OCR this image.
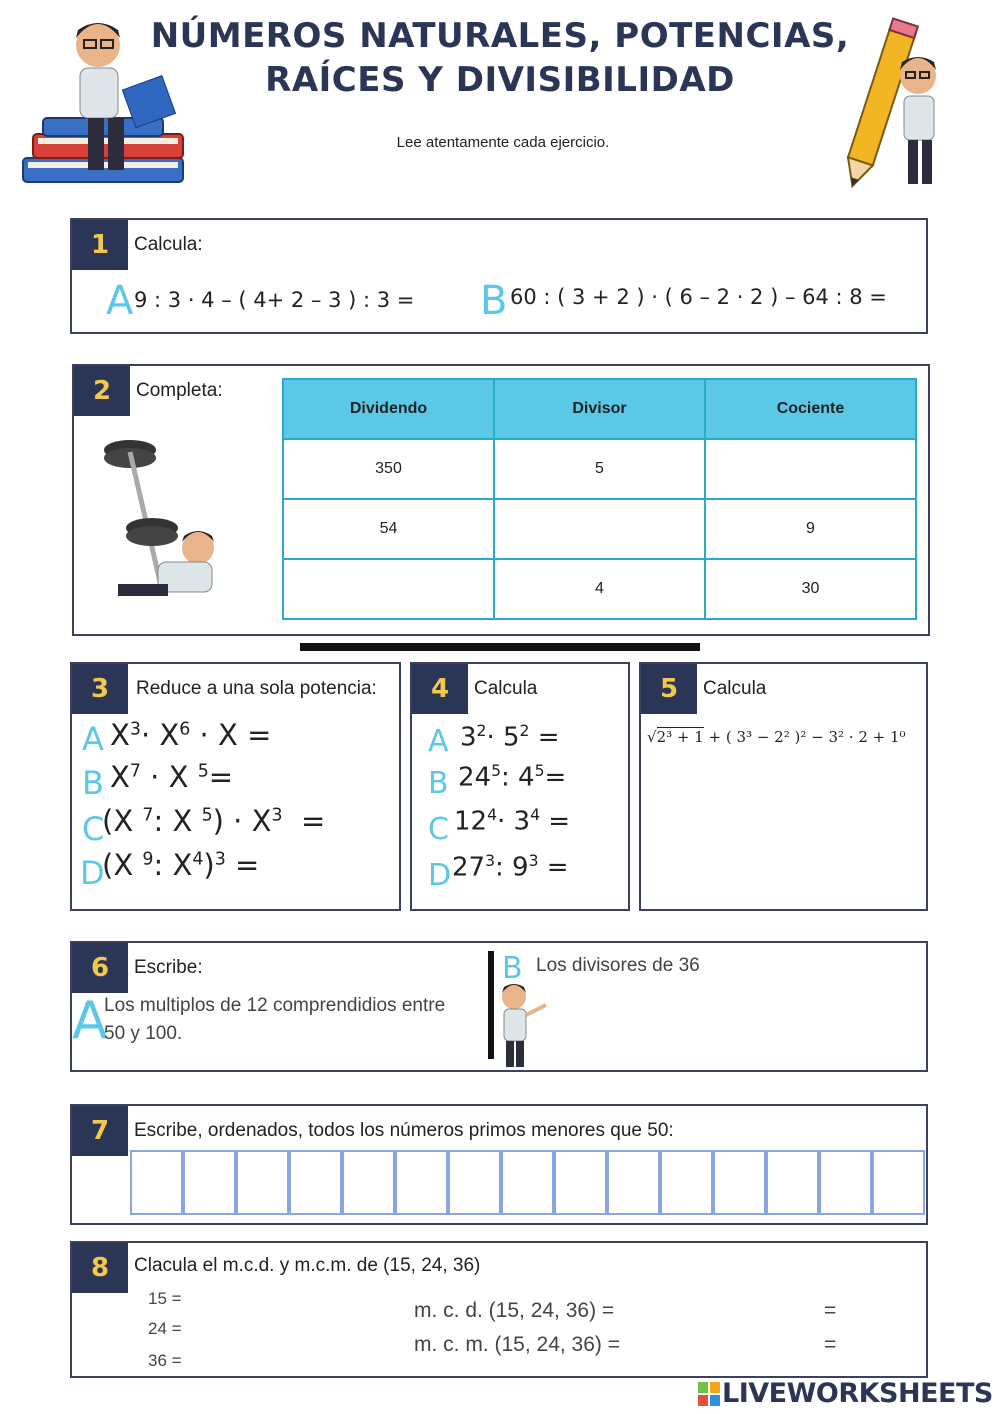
NÚMEROS NATURALES, POTENCIAS,
RAÍCES Y DIVISIBILIDAD
Lee atentamente cada ejercicio.
1	Calcula:
A 9 : 3 · 4 – ( 4+ 2 – 3 ) : 3 = B 60 : ( 3 + 2 ) · ( 6 – 2 · 2 ) – 64 : 8 =
2	Completa:
Dividendo	Divisor	Cociente
350	5	
54		9
	4	30
3	Reduce a una sola potencia:
A $X^3\cdot X^6 \cdot X$ =
B $X^7 \cdot X$ $^5$=
C
(X $^7$: X $^5) \cdot X^3$  =
D
(X $^9$: $X^4)^3$ =
4	Calcula
A $3^2\cdot 5^2$ =
B $24^5$: $4^5=$
C $12^4\cdot 3^4$ =
D $27^3$: $9^3$ =
5	Calcula
√2³ + 1 + ( 3³ − 2² )² − 3² · 2 + 1⁰
6	Escribe:
A
Los multiplos de 12 comprendidios entre
50 y 100.
B Los divisores de 36
7	Escribe, ordenados, todos los números primos menores que 50:
8	Clacula el m.c.d. y m.c.m. de (15, 24, 36)
15 =
24 =
36 =
m. c. d. (15, 24, 36) =
m. c. m. (15, 24, 36) =
=
=
LIVEWORKSHEETS
